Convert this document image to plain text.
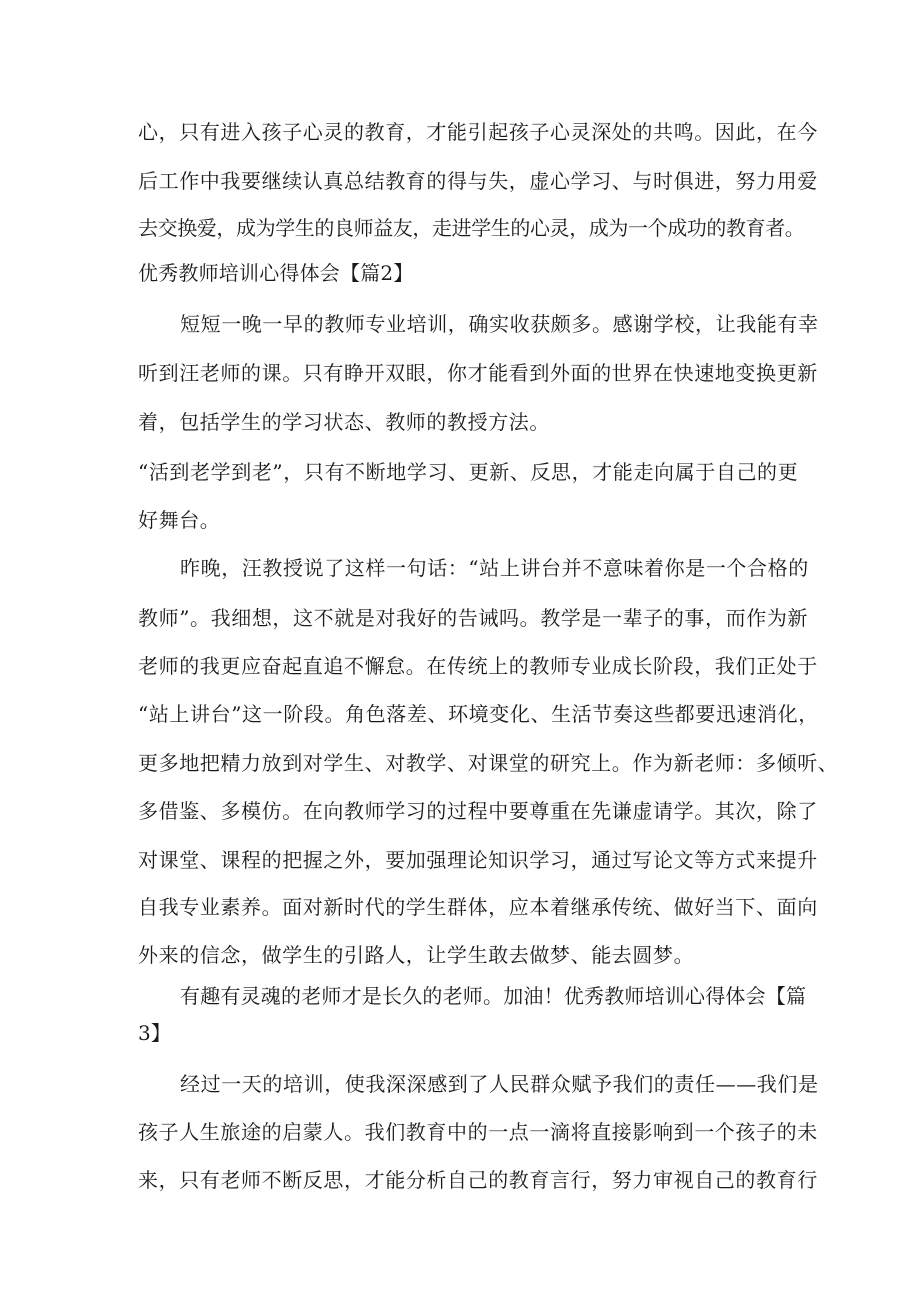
心，只有进入孩子心灵的教育，才能引起孩子心灵深处的共鸣。因此，在今
后工作中我要继续认真总结教育的得与失，虚心学习、与时俱进，努力用爱
去交换爱，成为学生的良师益友，走进学生的心灵，成为一个成功的教育者。
优秀教师培训心得体会【篇2】
短短一晚一早的教师专业培训，确实收获颇多。感谢学校，让我能有幸
听到汪老师的课。只有睁开双眼，你才能看到外面的世界在快速地变换更新
着，包括学生的学习状态、教师的教授方法。
“活到老学到老”，只有不断地学习、更新、反思，才能走向属于自己的更
好舞台。
昨晚，汪教授说了这样一句话：“站上讲台并不意味着你是一个合格的
教师”。我细想，这不就是对我好的告诫吗。教学是一辈子的事，而作为新
老师的我更应奋起直追不懈怠。在传统上的教师专业成长阶段，我们正处于
“站上讲台”这一阶段。角色落差、环境变化、生活节奏这些都要迅速消化，
更多地把精力放到对学生、对教学、对课堂的研究上。作为新老师：多倾听、
多借鉴、多模仿。在向教师学习的过程中要尊重在先谦虚请学。其次，除了
对课堂、课程的把握之外，要加强理论知识学习，通过写论文等方式来提升
自我专业素养。面对新时代的学生群体，应本着继承传统、做好当下、面向
外来的信念，做学生的引路人，让学生敢去做梦、能去圆梦。
有趣有灵魂的老师才是长久的老师。加油！优秀教师培训心得体会【篇
3】
经过一天的培训，使我深深感到了人民群众赋予我们的责任——我们是
孩子人生旅途的启蒙人。我们教育中的一点一滴将直接影响到一个孩子的未
来，只有老师不断反思，才能分析自己的教育言行，努力审视自己的教育行
